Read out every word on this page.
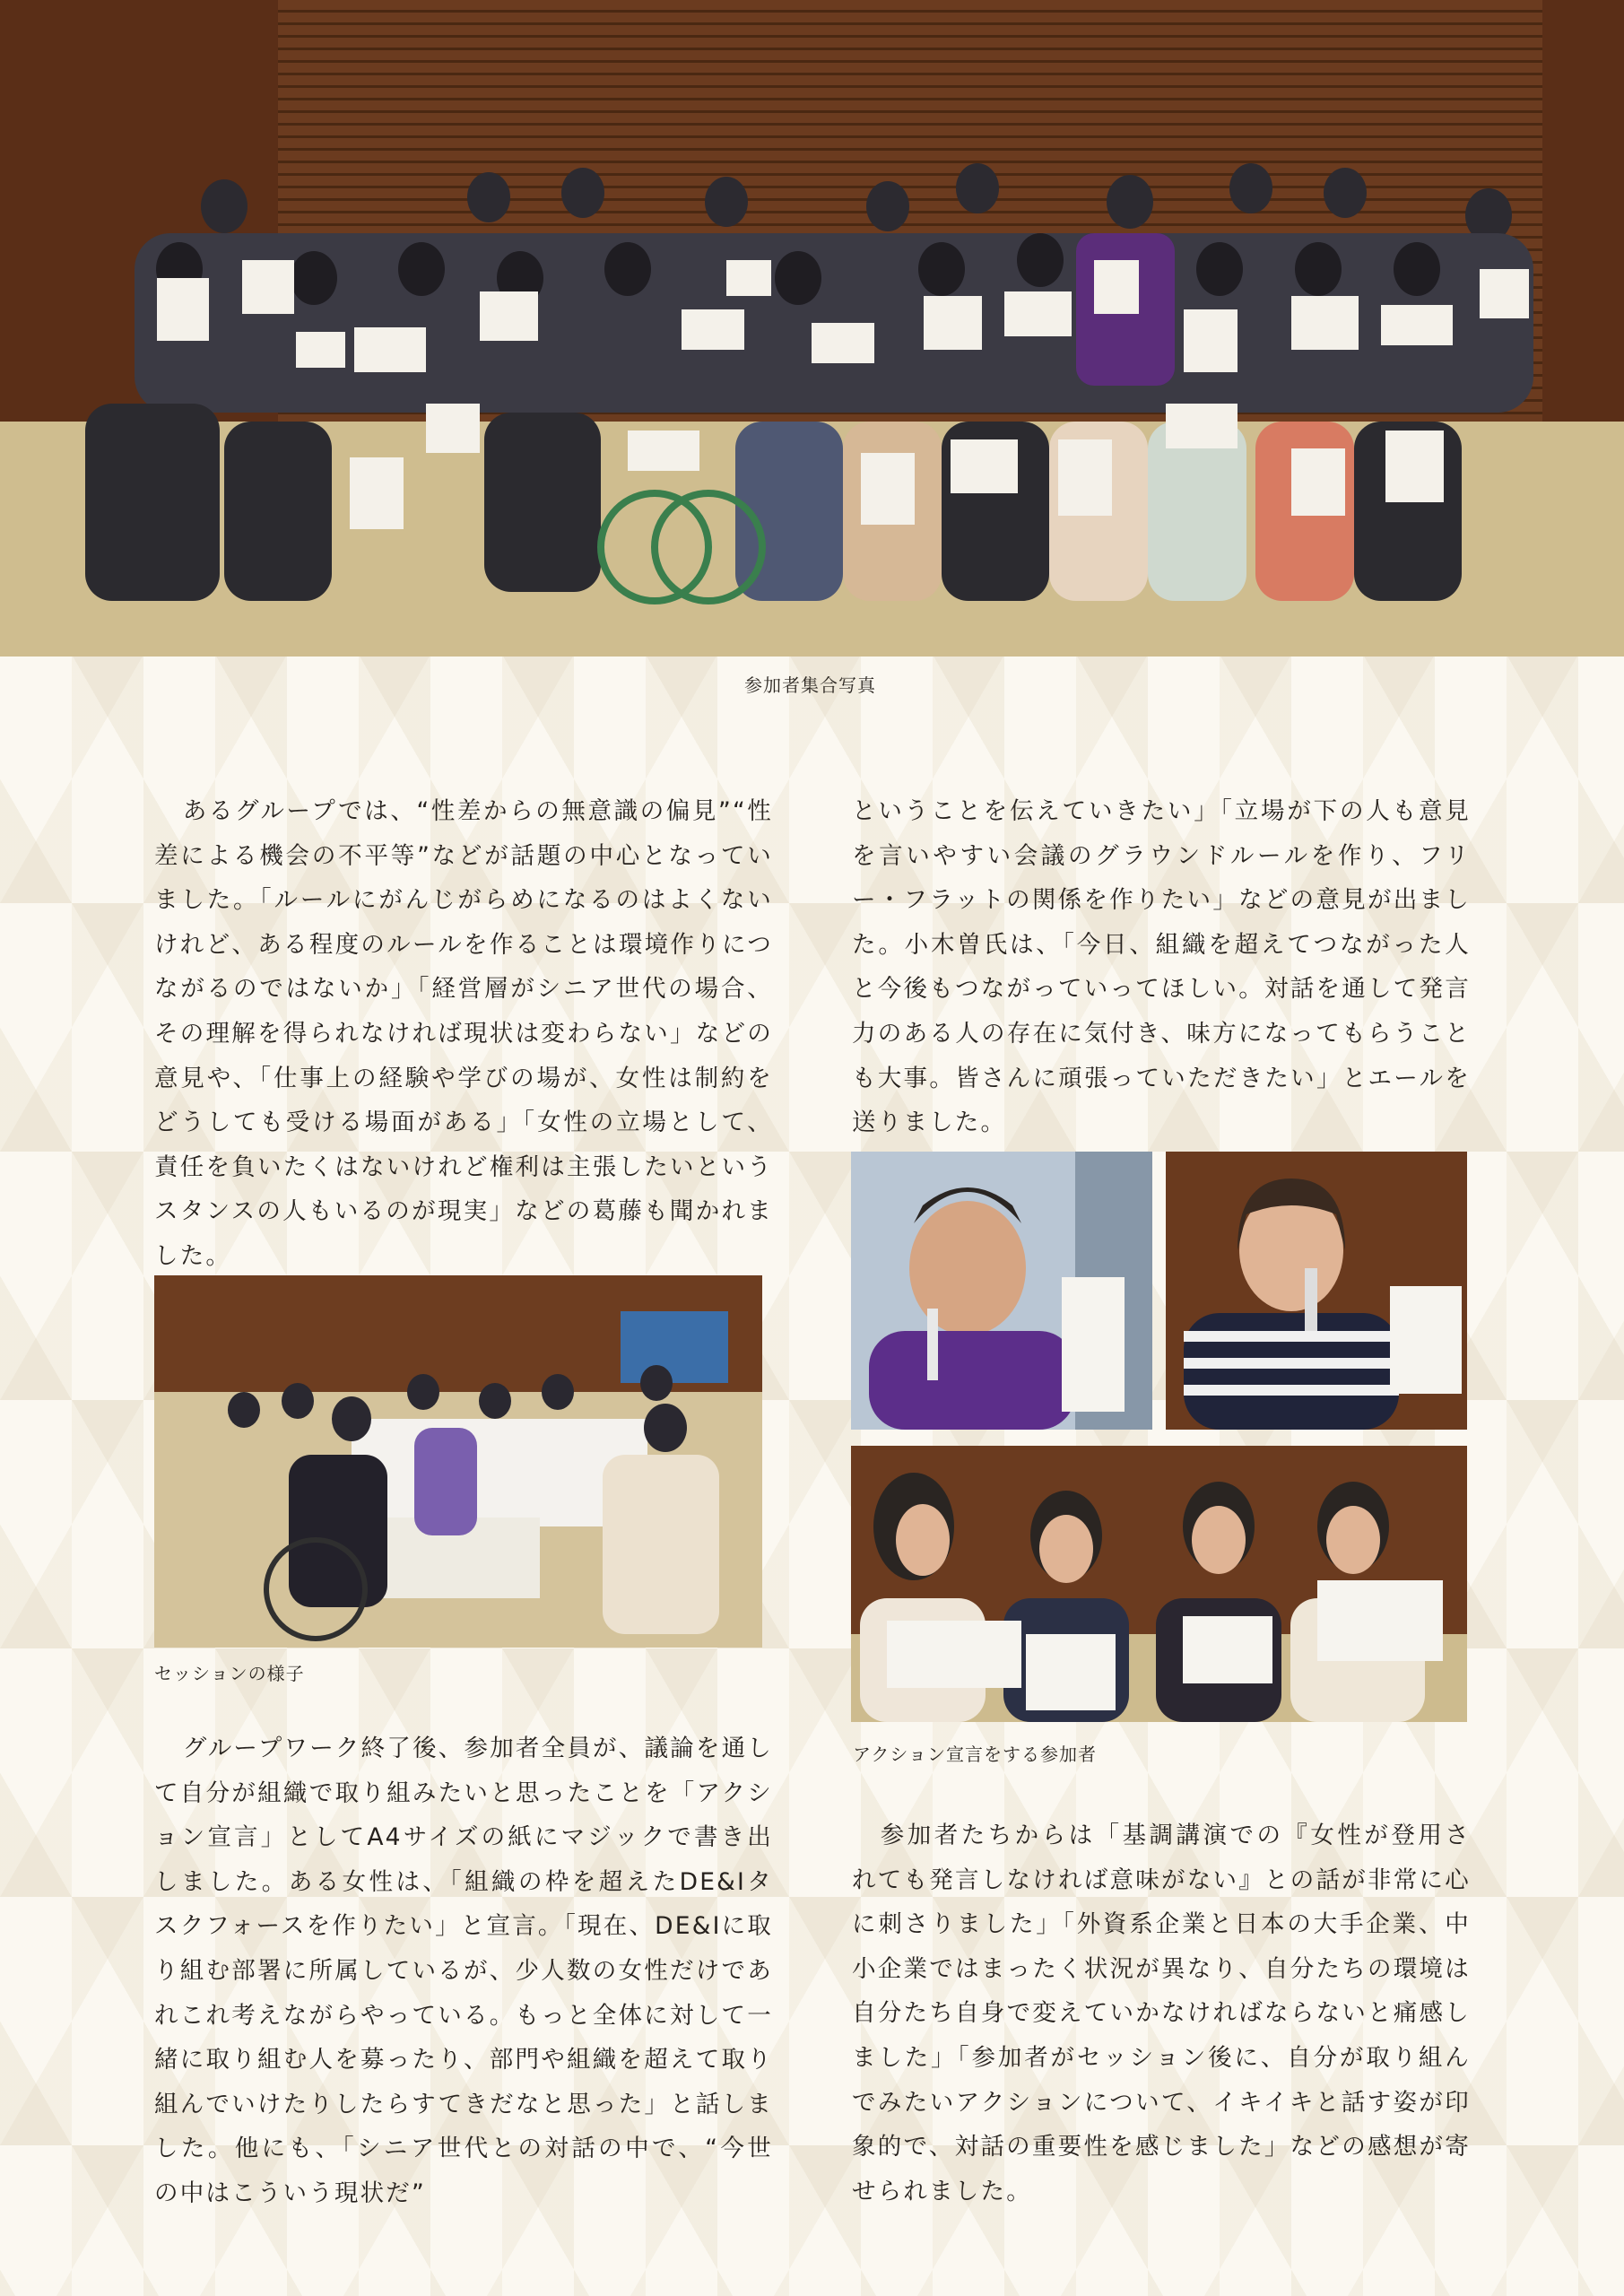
参加者集合写真

あるグループでは、“性差からの無意識の偏見”“性差による機会の不平等”などが話題の中心となっていました。「ルールにがんじがらめになるのはよくないけれど、ある程度のルールを作ることは環境作りにつながるのではないか」「経営層がシニア世代の場合、その理解を得られなければ現状は変わらない」などの意見や、「仕事上の経験や学びの場が、女性は制約をどうしても受ける場面がある」「女性の立場として、責任を負いたくはないけれど権利は主張したいというスタンスの人もいるのが現実」などの葛藤も聞かれました。

セッションの様子

グループワーク終了後、参加者全員が、議論を通して自分が組織で取り組みたいと思ったことを「アクション宣言」としてA4サイズの紙にマジックで書き出しました。ある女性は、「組織の枠を超えたDE&Iタスクフォースを作りたい」と宣言。「現在、DE&Iに取り組む部署に所属しているが、少人数の女性だけであれこれ考えながらやっている。もっと全体に対して一緒に取り組む人を募ったり、部門や組織を超えて取り組んでいけたりしたらすてきだなと思った」と話しました。他にも、「シニア世代との対話の中で、“今世の中はこういう現状だ”

ということを伝えていきたい」「立場が下の人も意見を言いやすい会議のグラウンドルールを作り、フリー・フラットの関係を作りたい」などの意見が出ました。小木曽氏は、「今日、組織を超えてつながった人と今後もつながっていってほしい。対話を通して発言力のある人の存在に気付き、味方になってもらうことも大事。皆さんに頑張っていただきたい」とエールを送りました。

アクション宣言をする参加者

参加者たちからは「基調講演での『女性が登用されても発言しなければ意味がない』との話が非常に心に刺さりました」「外資系企業と日本の大手企業、中小企業ではまったく状況が異なり、自分たちの環境は自分たち自身で変えていかなければならないと痛感しました」「参加者がセッション後に、自分が取り組んでみたいアクションについて、イキイキと話す姿が印象的で、対話の重要性を感じました」などの感想が寄せられました。
